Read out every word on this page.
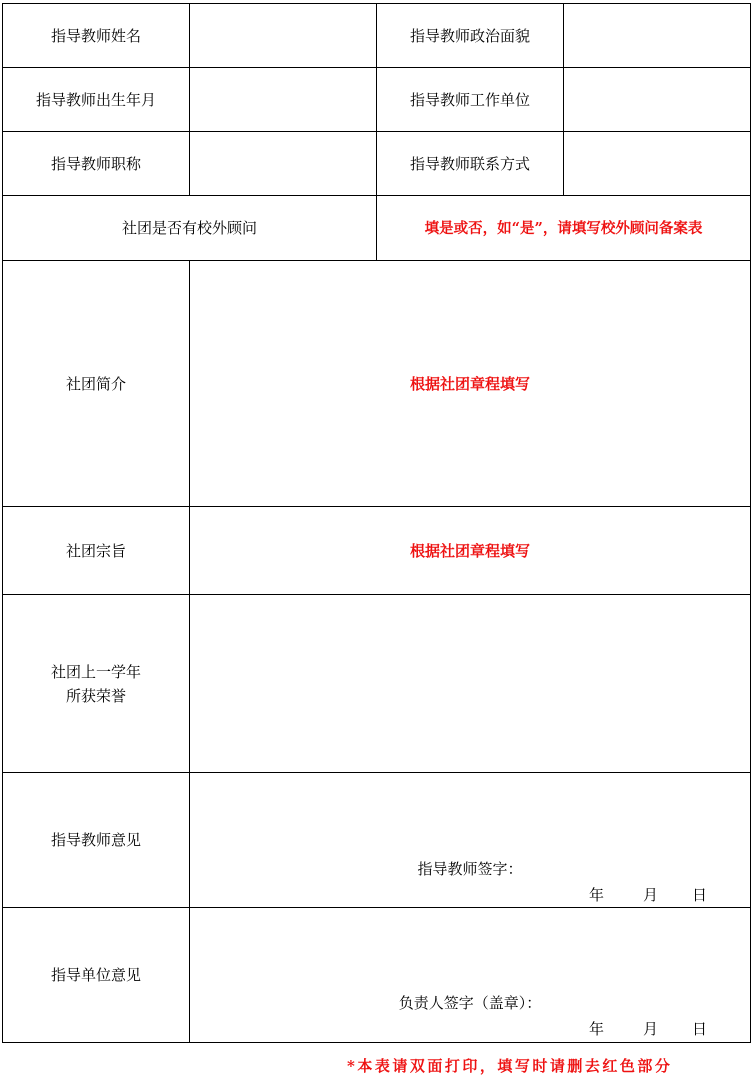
指导教师姓名		指导教师政治面貌	
指导教师出生年月		指导教师工作单位	
指导教师职称		指导教师联系方式	
社团是否有校外顾问		填是或否，如“是”，请填写校外顾问备案表	
社团简介	根据社团章程填写		
社团宗旨	根据社团章程填写		

社团上一学年
所获荣誉			

指导教师意见	指导教师签字：
年 月 日		

指导单位意见	负责人签字（盖章）：
年 月 日		
*本表请双面打印，填写时请删去红色部分
